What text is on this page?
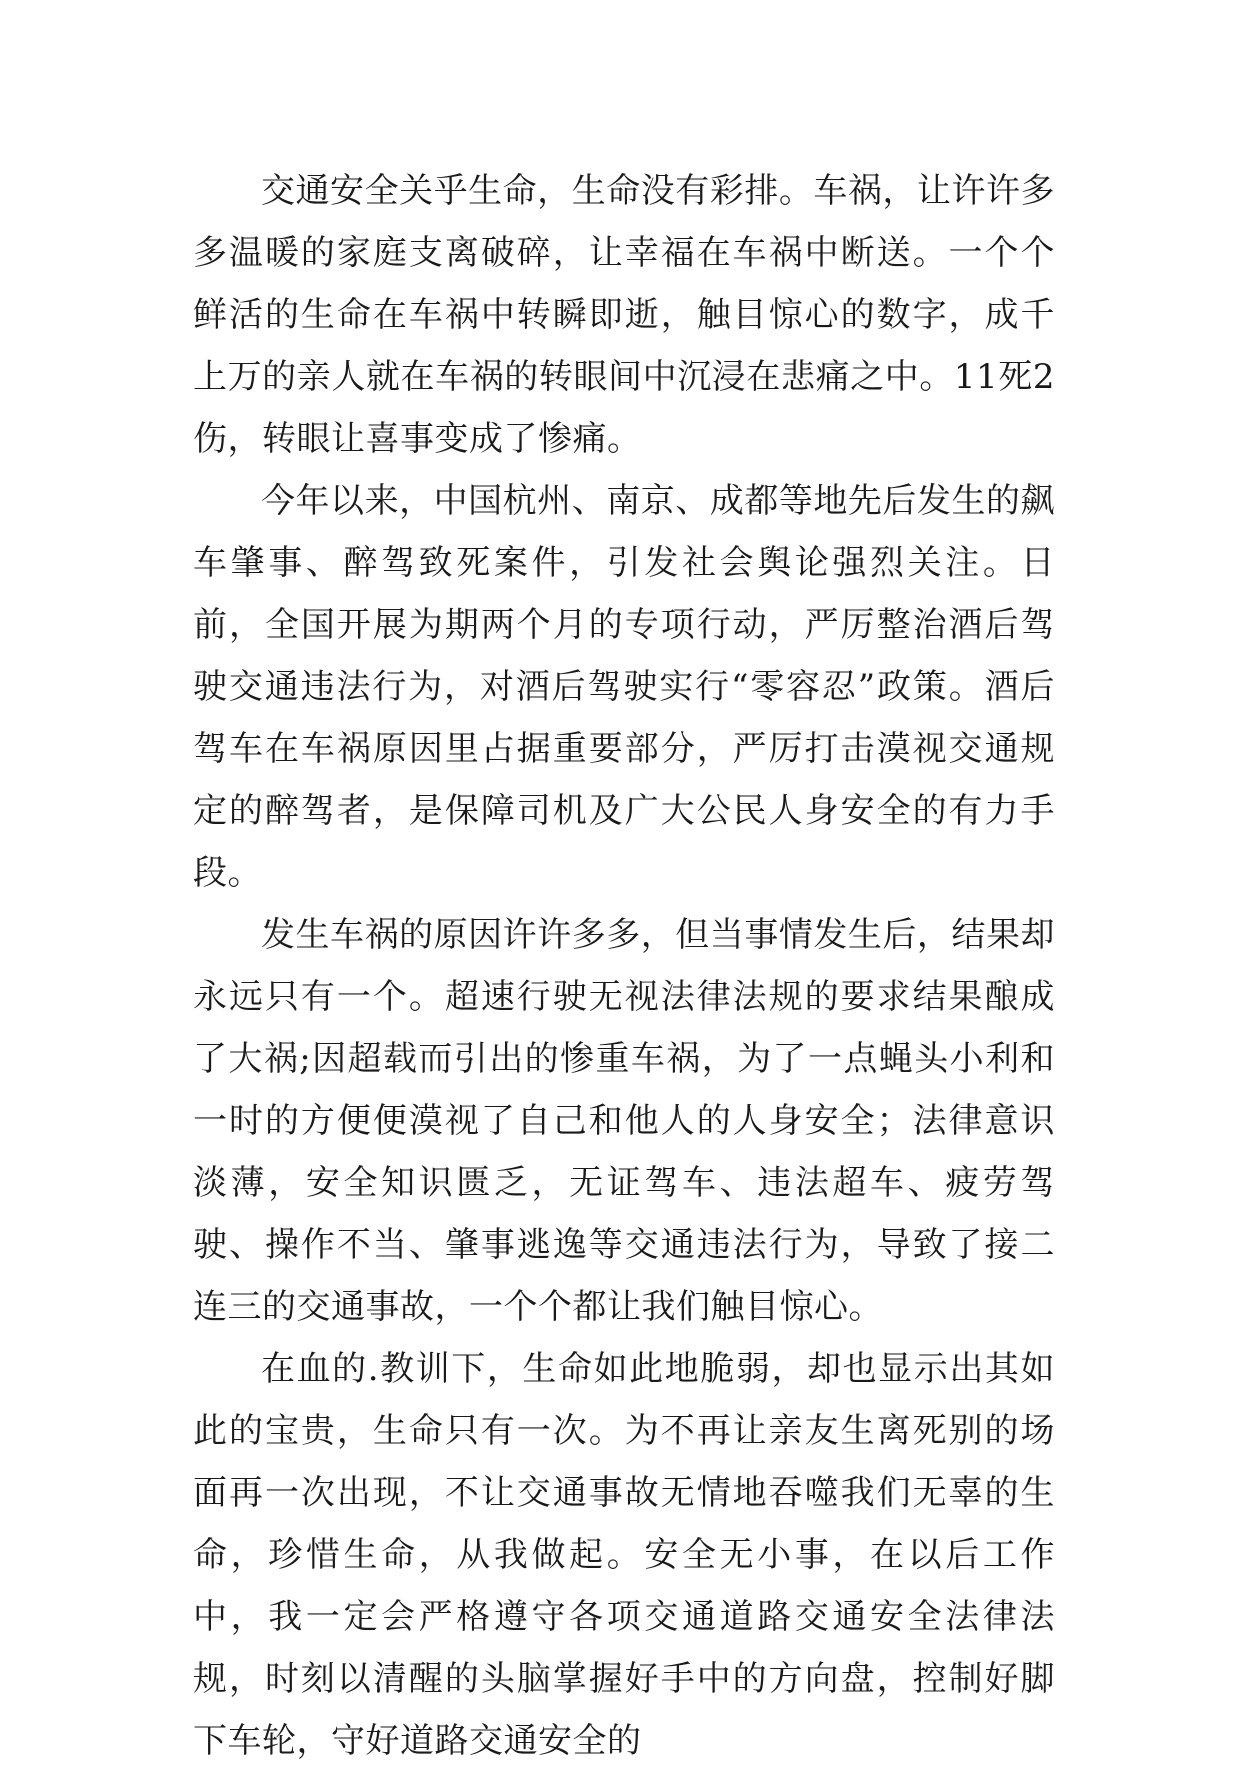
交通安全关乎生命，生命没有彩排。车祸，让许许多多温暖的家庭支离破碎，让幸福在车祸中断送。一个个鲜活的生命在车祸中转瞬即逝，触目惊心的数字，成千上万的亲人就在车祸的转眼间中沉浸在悲痛之中。11死2伤，转眼让喜事变成了惨痛。

今年以来，中国杭州、南京、成都等地先后发生的飙车肇事、醉驾致死案件，引发社会舆论强烈关注。日前，全国开展为期两个月的专项行动，严厉整治酒后驾驶交通违法行为，对酒后驾驶实行“零容忍”政策。酒后驾车在车祸原因里占据重要部分，严厉打击漠视交通规定的醉驾者，是保障司机及广大公民人身安全的有力手段。

发生车祸的原因许许多多，但当事情发生后，结果却永远只有一个。超速行驶无视法律法规的要求结果酿成了大祸;因超载而引出的惨重车祸，为了一点蝇头小利和一时的方便便漠视了自己和他人的人身安全；法律意识淡薄，安全知识匮乏，无证驾车、违法超车、疲劳驾驶、操作不当、肇事逃逸等交通违法行为，导致了接二连三的交通事故，一个个都让我们触目惊心。

在血的.教训下，生命如此地脆弱，却也显示出其如此的宝贵，生命只有一次。为不再让亲友生离死别的场面再一次出现，不让交通事故无情地吞噬我们无辜的生命，珍惜生命，从我做起。安全无小事，在以后工作中，我一定会严格遵守各项交通道路交通安全法律法规，时刻以清醒的头脑掌握好手中的方向盘，控制好脚下车轮，守好道路交通安全的
